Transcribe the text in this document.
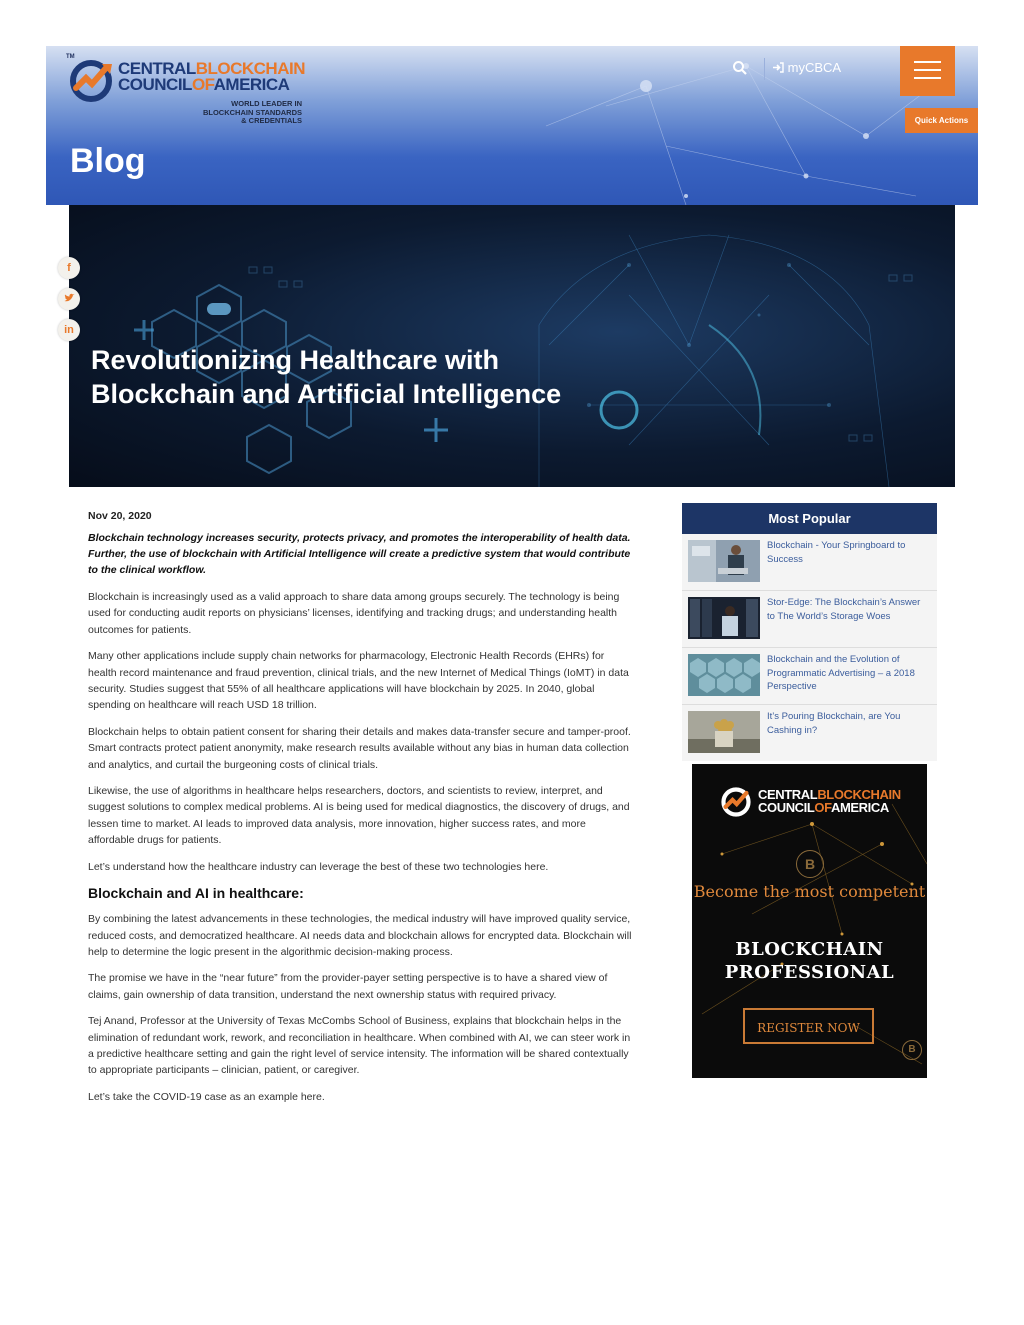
TM
CENTRALBLOCKCHAIN
COUNCILOFAMERICA
WORLD LEADER IN
BLOCKCHAIN STANDARDS
& CREDENTIALS
Blog
myCBCA
Quick Actions
Revolutionizing Healthcare with Blockchain and Artificial Intelligence
f
in

Nov 20, 2020

Blockchain technology increases security, protects privacy, and promotes the interoperability of health data. Further, the use of blockchain with Artificial Intelligence will create a predictive system that would contribute to the clinical workflow.

Blockchain is increasingly used as a valid approach to share data among groups securely. The technology is being used for conducting audit reports on physicians’ licenses, identifying and tracking drugs; and understanding health outcomes for patients.

Many other applications include supply chain networks for pharmacology, Electronic Health Records (EHRs) for health record maintenance and fraud prevention, clinical trials, and the new Internet of Medical Things (IoMT) in data security. Studies suggest that 55% of all healthcare applications will have blockchain by 2025. In 2040, global spending on healthcare will reach USD 18 trillion.

Blockchain helps to obtain patient consent for sharing their details and makes data-transfer secure and tamper-proof. Smart contracts protect patient anonymity, make research results available without any bias in human data collection and analytics, and curtail the burgeoning costs of clinical trials.

Likewise, the use of algorithms in healthcare helps researchers, doctors, and scientists to review, interpret, and suggest solutions to complex medical problems. AI is being used for medical diagnostics, the discovery of drugs, and lessen time to market. AI leads to improved data analysis, more innovation, higher success rates, and more affordable drugs for patients.

Let’s understand how the healthcare industry can leverage the best of these two technologies here.

Blockchain and AI in healthcare:

By combining the latest advancements in these technologies, the medical industry will have improved quality service, reduced costs, and democratized healthcare. AI needs data and blockchain allows for encrypted data. Blockchain will help to determine the logic present in the algorithmic decision-making process.

The promise we have in the “near future” from the provider-payer setting perspective is to have a shared view of claims, gain ownership of data transition, understand the next ownership status with required privacy.

Tej Anand, Professor at the University of Texas McCombs School of Business, explains that blockchain helps in the elimination of redundant work, rework, and reconciliation in healthcare. When combined with AI, we can steer work in a predictive healthcare setting and gain the right level of service intensity. The information will be shared contextually to appropriate participants – clinician, patient, or caregiver.

Let’s take the COVID-19 case as an example here.

Most Popular
Blockchain - Your Springboard to Success
Stor-Edge: The Blockchain’s Answer to The World’s Storage Woes
Blockchain and the Evolution of Programmatic Advertising – a 2018 Perspective
It’s Pouring Blockchain, are You Cashing in?
CENTRALBLOCKCHAIN
COUNCILOFAMERICA
B
Become the most competent
BLOCKCHAIN PROFESSIONAL
REGISTER NOW
B
